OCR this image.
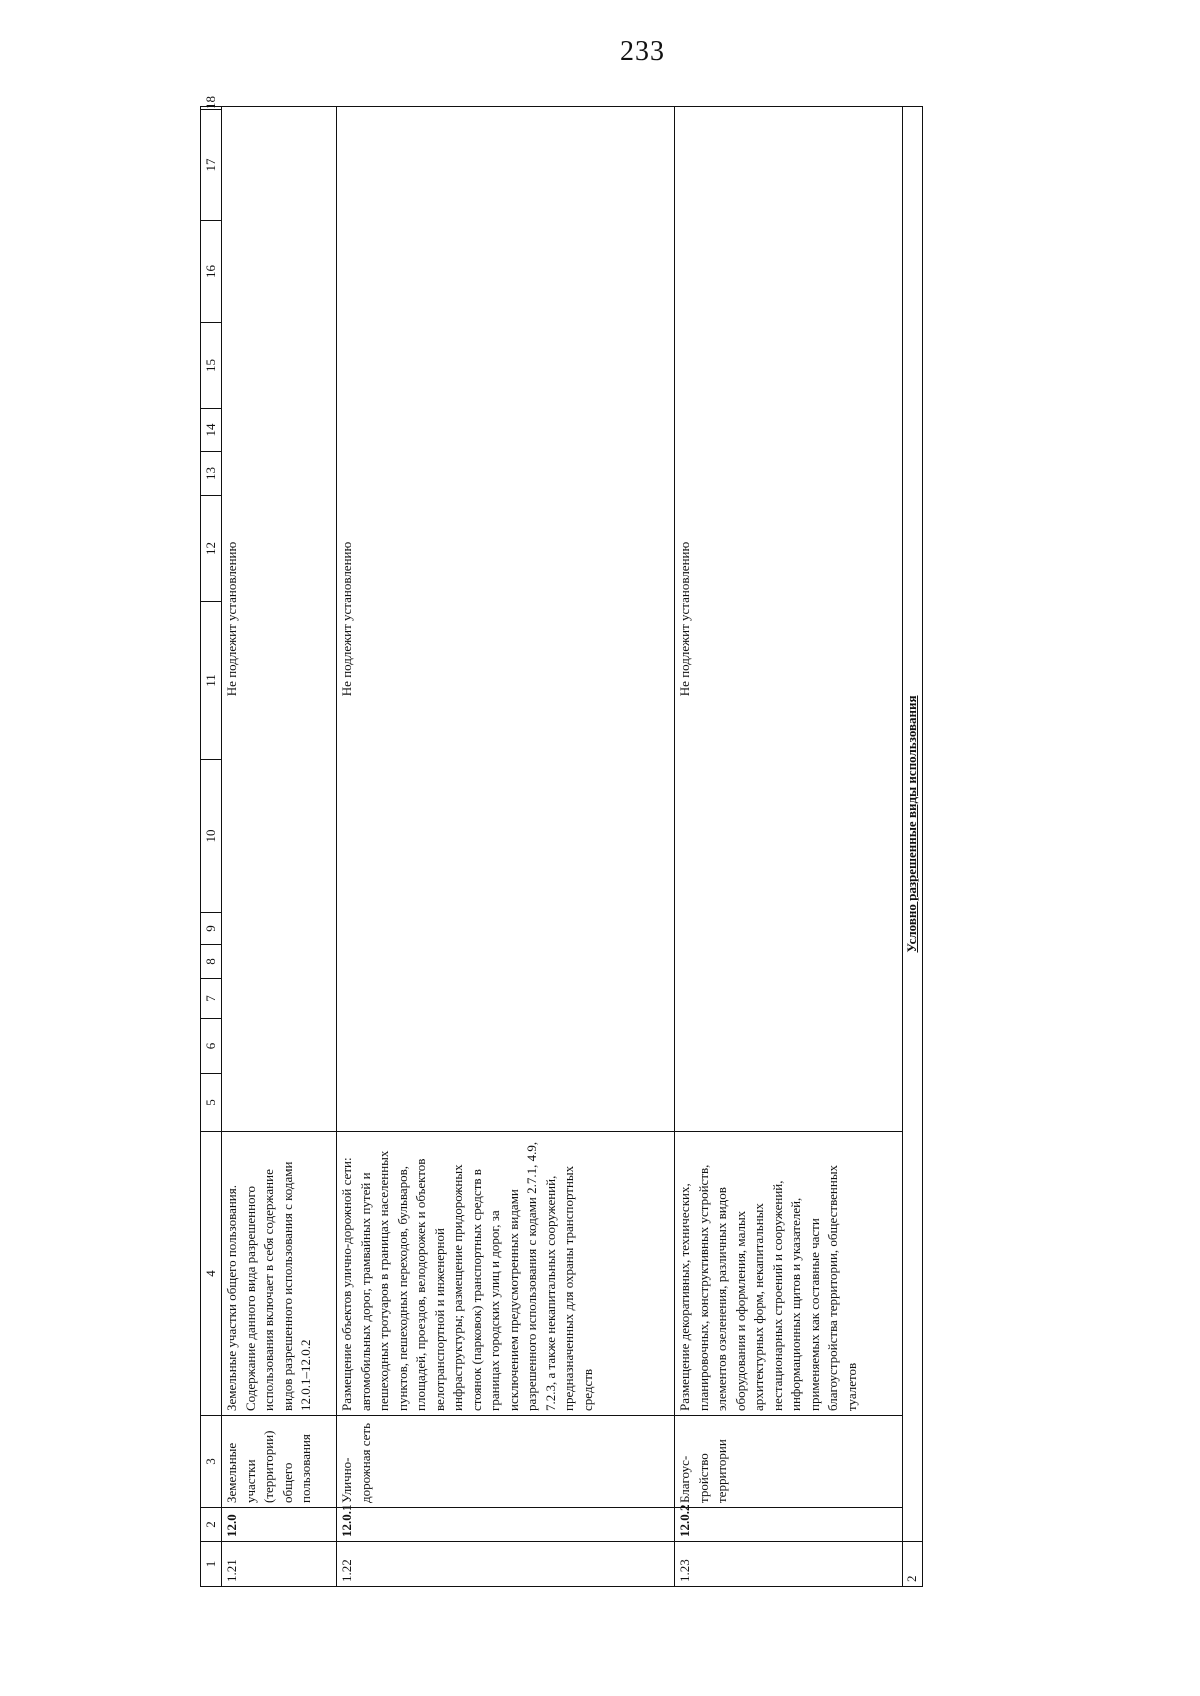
233
1	2	3	4	5	6	7	8	9	10	11	12	13	14	15	16	17	18
1.21	12.0	Земельные участки (территории) общего пользования	Земельные участки общего пользования. Содержание данного вида разрешенного использования включает в себя содержание видов разрешенного использования с кодами 12.0.1–12.0.2	Не подлежит установлению													
1.22	12.0.1	Улично-дорожная сеть	Размещение объектов улично-дорожной сети: автомобильных дорог, трамвайных путей и пешеходных тротуаров в границах населенных пунктов, пешеходных переходов, бульваров, площадей, проездов, велодорожек и объектов велотранспортной и инженерной инфраструктуры; размещение придорожных стоянок (парковок) транспортных средств в границах городских улиц и дорог, за исключением предусмотренных видами разрешенного использования с кодами 2.7.1, 4.9, 7.2.3, а также некапитальных сооружений, предназначенных для охраны транспортных средств	Не подлежит установлению													
1.23	12.0.2	Благоус-тройство территории	Размещение декоративных, технических, планировочных, конструктивных устройств, элементов озеленения, различных видов оборудования и оформления, малых архитектурных форм, некапитальных нестационарных строений и сооружений, информационных щитов и указателей, применяемых как составные части благоустройства территории, общественных туалетов	Не подлежит установлению													
2	Условно разрешенные виды использования																
